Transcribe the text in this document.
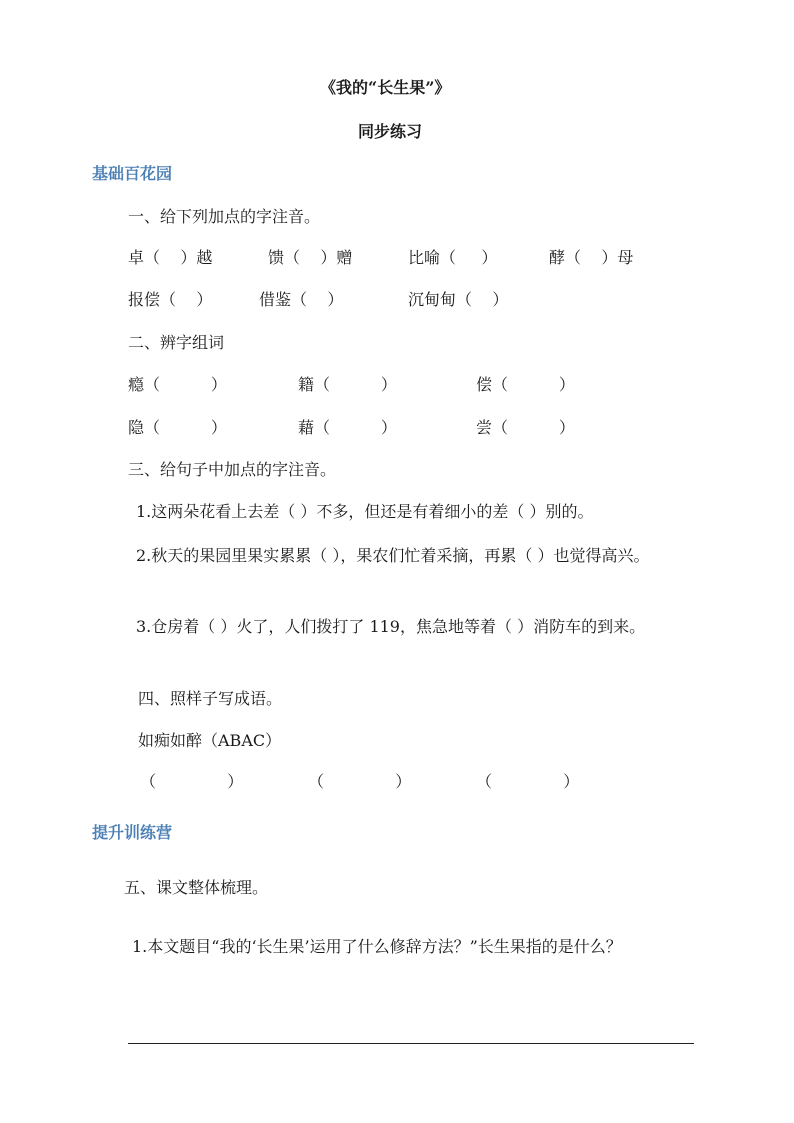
《我的“长生果”》
同步练习
基础百花园
一、给下列加点的字注音。
卓（    ）越	馈（    ）赠	比喻（     ）	酵（    ）母
报偿（    ）	借鉴（    ）	沉甸甸（    ）
二、辨字组词
瘾（          ）	籍（          ）	偿（          ）
隐（          ）	藉（          ）	尝（          ）
三、给句子中加点的字注音。
1.这两朵花看上去差（ ）不多，但还是有着细小的差（ ）别的。
2.秋天的果园里果实累累（ ），果农们忙着采摘，再累（ ）也觉得高兴。
3.仓房着（ ）火了，人们拨打了 119，焦急地等着（ ）消防车的到来。
四、照样子写成语。
如痴如醉（ABAC）
（              ）	（              ）	（              ）
提升训练营
五、课文整体梳理。
1.本文题目“我的‘长生果’运用了什么修辞方法？”长生果指的是什么？
